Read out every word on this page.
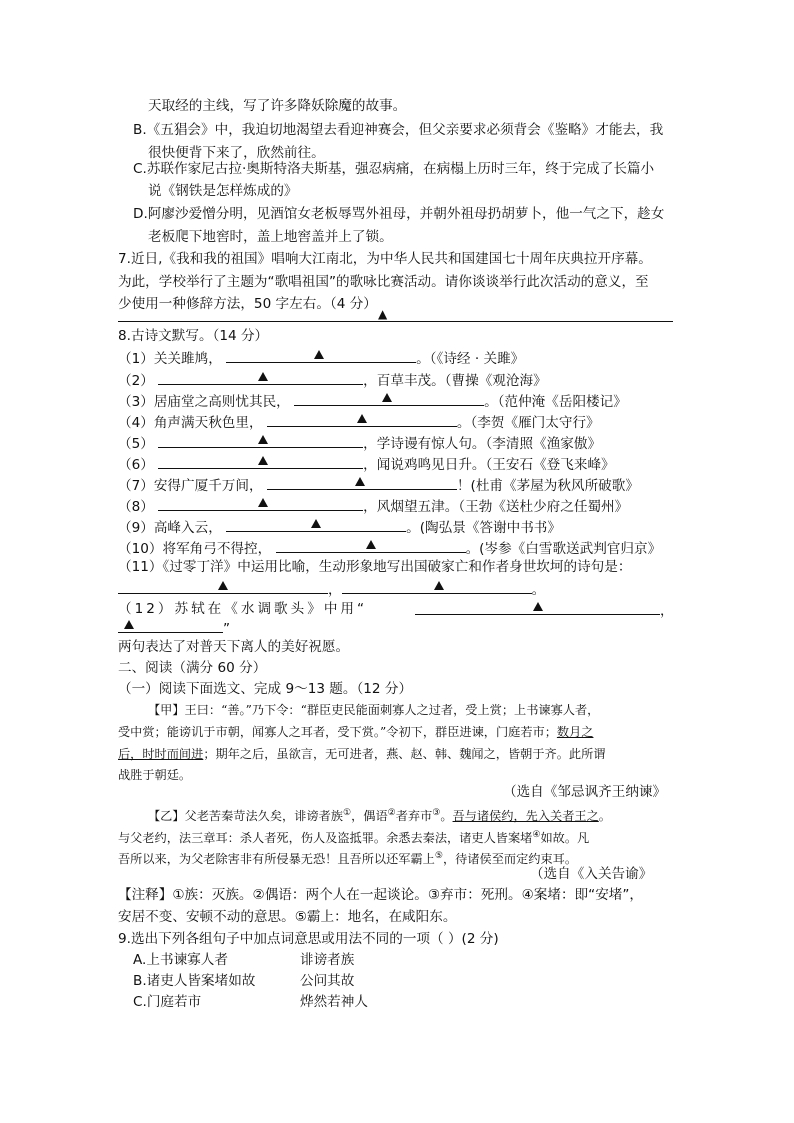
天取经的主线，写了许多降妖除魔的故事。
B.《五猖会》中，我迫切地渴望去看迎神赛会，但父亲要求必须背会《鉴略》才能去，我
很快便背下来了，欣然前往。
C.苏联作家尼古拉·奥斯特洛夫斯基，强忍病痛，在病榻上历时三年，终于完成了长篇小
说《钢铁是怎样炼成的》
D.阿廖沙爱憎分明，见酒馆女老板辱骂外祖母，并朝外祖母扔胡萝卜，他一气之下，趁女
老板爬下地窖时，盖上地窖盖并上了锁。
7.近日,《我和我的祖国》唱响大江南北，为中华人民共和国建国七十周年庆典拉开序幕。
为此，学校举行了主题为“歌唱祖国”的歌咏比赛活动。请你谈谈举行此次活动的意义，至
少使用一种修辞方法，50 字左右。（4 分）
▲
8.古诗文默写。（14 分）
（1）关关雎鸠，	。（《诗经 · 关雎》
（2）	，百草丰茂。（曹操《观沧海》
（3）居庙堂之高则忧其民，	。（范仲淹《岳阳楼记》
（4）角声满天秋色里，	。（李贺《雁门太守行》
（5）	，学诗谩有惊人句。（李清照《渔家傲》
（6）	，闻说鸡鸣见日升。（王安石《登飞来峰》
（7）安得广厦千万间，	！(杜甫《茅屋为秋风所破歌》
（8）	，风烟望五津。（王勃《送杜少府之任蜀州》
（9）高峰入云，	。(陶弘景《答谢中书书》
（10）将军角弓不得控，	。(岑参《白雪歌送武判官归京》
（11）《过零丁洋》中运用比喻，生动形象地写出国破家亡和作者身世坎坷的诗句是：
，	。
（12）苏轼在《水调歌头》中用“	，
”
两句表达了对普天下离人的美好祝愿。
二、阅读（满分 60 分）
（一）阅读下面选文、完成 9～13 题。（12 分）
【甲】王曰：“善。”乃下令：“群臣吏民能面刺寡人之过者，受上赏；上书谏寡人者，
受中赏；能谤讥于市朝，闻寡人之耳者，受下赏。”令初下，群臣进谏，门庭若市；数月之
后，时时而间进；期年之后，虽欲言，无可进者，燕、赵、韩、魏闻之，皆朝于齐。此所谓
战胜于朝廷。
（选自《邹忌讽齐王纳谏》
【乙】父老苦秦苛法久矣，诽谤者族①，偶语②者弃市③。吾与诸侯约，先入关者王之。
与父老约，法三章耳：杀人者死，伤人及盗抵罪。余悉去秦法，诸吏人皆案堵④如故。凡
吾所以来，为父老除害非有所侵暴无恐！且吾所以还军霸上⑤，待诸侯至而定约束耳。
（选自《入关告谕》
【注释】①族：灭族。②偶语：两个人在一起谈论。③弃市：死刑。④案堵：即“安堵”，
安居不变、安顿不动的意思。⑤霸上：地名，在咸阳东。
9.选出下列各组句子中加点词意思或用法不同的一项（ ）(2 分)
A.上书谏寡人者	诽谤者族
B.诸吏人皆案堵如故	公问其故
C.门庭若市	烨然若神人
